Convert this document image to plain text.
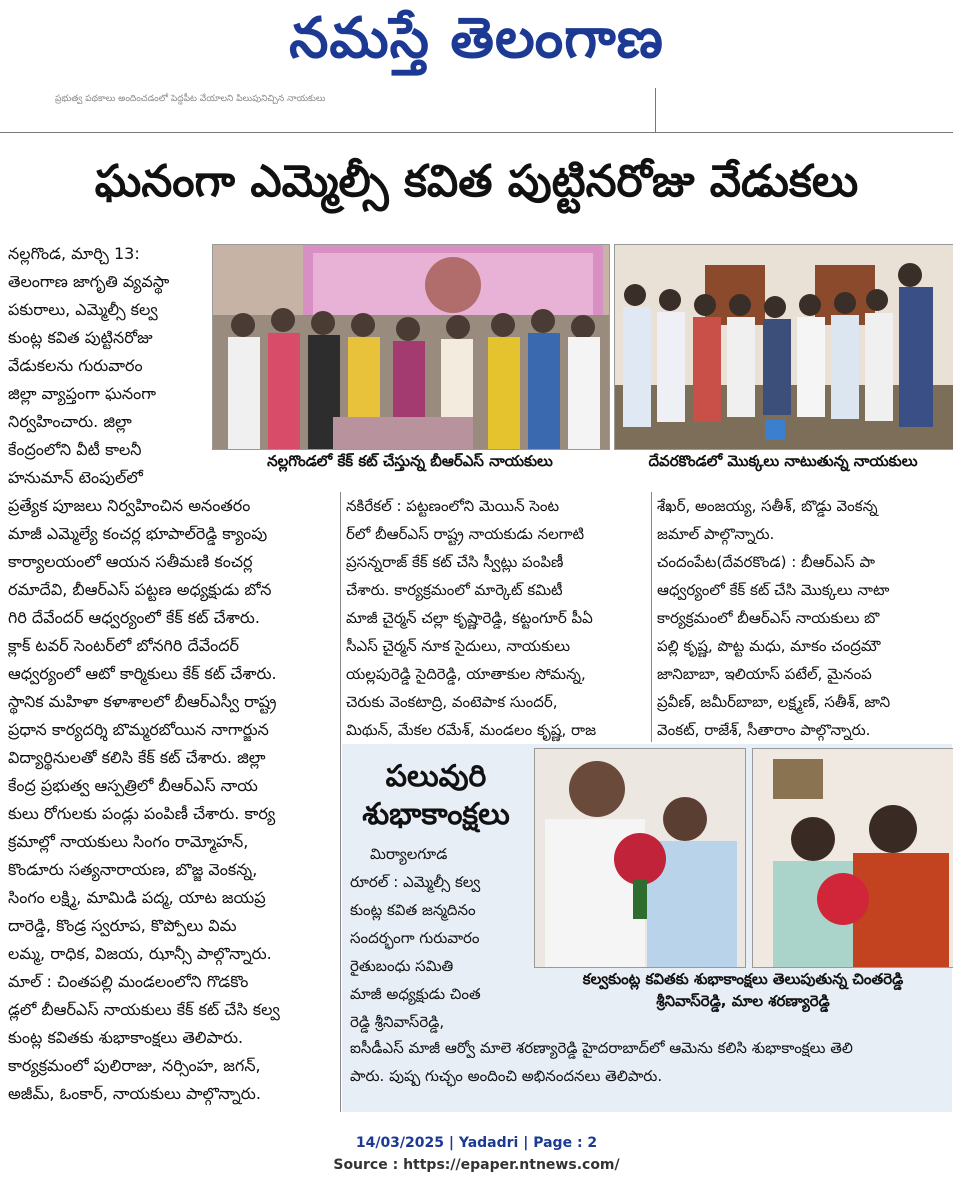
నమస్తే తెలంగాణ
ప్రభుత్వ పథకాలు అందించడంలో పెద్దపీట వేయాలని పిలుపునిచ్చిన నాయకులు
ఘనంగా ఎమ్మెల్సీ కవిత పుట్టినరోజు వేడుకలు
నల్లగొండలో కేక్‌ కట్‌ చేస్తున్న బీఆర్‌ఎస్‌ నాయకులు	దేవరకొండలో మొక్కలు నాటుతున్న నాయకులు

నల్లగొండ, మార్చి 13:

తెలంగాణ జాగృతి వ్యవస్థా

పకురాలు, ఎమ్మెల్సీ కల్వ

కుంట్ల కవిత పుట్టినరోజు

వేడుకలను గురువారం

జిల్లా వ్యాప్తంగా ఘనంగా

నిర్వహించారు. జిల్లా

కేంద్రంలోని వీటీ కాలనీ

హనుమాన్ టెంపుల్‌లో

ప్రత్యేక పూజలు నిర్వహించిన అనంతరం

మాజీ ఎమ్మెల్యే కంచర్ల భూపాల్‌రెడ్డి క్యాంపు

కార్యాలయంలో ఆయన సతీమణి కంచర్ల

రమాదేవి, బీఆర్‌ఎస్ పట్టణ అధ్యక్షుడు బోన

గిరి దేవేందర్ ఆధ్వర్యంలో కేక్ కట్ చేశారు.

క్లాక్ టవర్ సెంటర్‌లో బోనగిరి దేవేందర్

ఆధ్వర్యంలో ఆటో కార్మికులు కేక్ కట్ చేశారు.

స్థానిక మహిళా కళాశాలలో బీఆర్‌ఎస్వీ రాష్ట్ర

ప్రధాన కార్యదర్శి బొమ్మరబోయిన నాగార్జున

విద్యార్థినులతో కలిసి కేక్ కట్ చేశారు. జిల్లా

కేంద్ర ప్రభుత్వ ఆస్పత్రిలో బీఆర్‌ఎస్ నాయ

కులు రోగులకు పండ్లు పంపిణీ చేశారు. కార్య

క్రమాల్లో నాయకులు సింగం రామ్మోహన్,

కొండూరు సత్యనారాయణ, బొజ్జ వెంకన్న,

సింగం లక్ష్మి, మామిడి పద్మ, యాట జయప్ర

దారెడ్డి, కొండ్ర స్వరూప, కొప్పోలు విమ

లమ్మ, రాధిక, విజయ, ఝాన్సీ పాల్గొన్నారు.

మాల్ : చింతపల్లి మండలంలోని గొడకొం

డ్లలో బీఆర్‌ఎస్ నాయకులు కేక్ కట్ చేసి కల్వ

కుంట్ల కవితకు శుభాకాంక్షలు తెలిపారు.

కార్యక్రమంలో పులిరాజు, నర్సింహ, జగన్,

అజీమ్, ఓంకార్, నాయకులు పాల్గొన్నారు.

నకిరేకల్ : పట్టణంలోని మెయిన్ సెంట

ర్‌లో బీఆర్‌ఎస్ రాష్ట్ర నాయకుడు నలగాటి

ప్రసన్నరాజ్ కేక్ కట్ చేసి స్వీట్లు పంపిణీ

చేశారు. కార్యక్రమంలో మార్కెట్ కమిటీ

మాజీ చైర్మన్ చల్లా కృష్ణారెడ్డి, కట్టంగూర్ పీఏ

సీఎస్ చైర్మన్ నూక సైదులు, నాయకులు

యల్లపురెడ్డి సైదిరెడ్డి, యాతాకుల సోమన్న,

చెరుకు వెంకటాద్రి, వంటెపాక సుందర్,

మిథున్, మేకల రమేశ్, మండలం కృష్ణ, రాజ

శేఖర్, అంజయ్య, సతీశ్, బొడ్డు వెంకన్న

జమాల్ పాల్గొన్నారు.

చందంపేట(దేవరకొండ) : బీఆర్‌ఎస్ పా

ఆధ్వర్యంలో కేక్ కట్ చేసి మొక్కలు నాటా

కార్యక్రమంలో బీఆర్‌ఎస్ నాయకులు బొ

పల్లి కృష్ణ, పొట్ట మధు, మాకం చంద్రమౌ

జానిబాబా, ఇలియాస్ పటేల్, మైనంప

ప్రవీణ్, జమీర్‌బాబా, లక్ష్మణ్, సతీశ్, జాని

వెంకట్, రాజేశ్, సీతారాం పాల్గొన్నారు.

పలువురి
శుభాకాంక్షలు

మిర్యాలగూడ

రూరల్ : ఎమ్మెల్సీ కల్వ

కుంట్ల కవిత జన్మదినం

సందర్భంగా గురువారం

రైతుబంధు సమితి

మాజీ అధ్యక్షుడు చింత

రెడ్డి శ్రీనివాస్‌రెడ్డి,

కల్వకుంట్ల కవితకు శుభాకాంక్షలు తెలుపుతున్న చింతరెడ్డి
శ్రీనివాస్‌రెడ్డి, మాల శరణ్యారెడ్డి

ఐసీడీఎస్ మాజీ ఆర్వో మాలె శరణ్యారెడ్డి హైదరాబాద్‌లో ఆమెను కలిసి శుభాకాంక్షలు తెలి

పారు. పుష్ప గుచ్ఛం అందించి అభినందనలు తెలిపారు.

14/03/2025 | Yadadri | Page : 2
Source : https://epaper.ntnews.com/
